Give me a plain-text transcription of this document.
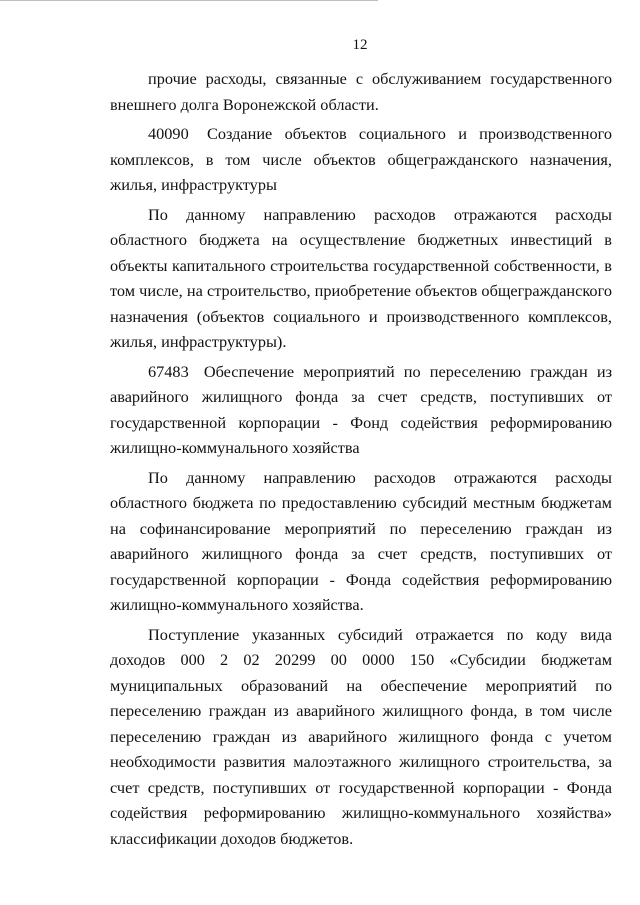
12

прочие расходы, связанные с обслуживанием государственного внешнего долга Воронежской области.

40090 Создание объектов социального и производственного комплексов, в том числе объектов общегражданского назначения, жилья, инфраструктуры

По данному направлению расходов отражаются расходы областного бюджета на осуществление бюджетных инвестиций в объекты капитального строительства государственной собственности, в том числе, на строительство, приобретение объектов общегражданского назначения (объектов социального и производственного комплексов, жилья, инфраструктуры).

67483 Обеспечение мероприятий по переселению граждан из аварийного жилищного фонда за счет средств, поступивших от государственной корпорации - Фонд содействия реформированию жилищно-коммунального хозяйства

По данному направлению расходов отражаются расходы областного бюджета по предоставлению субсидий местным бюджетам на софинансирование мероприятий по переселению граждан из аварийного жилищного фонда за счет средств, поступивших от государственной корпорации - Фонда содействия реформированию жилищно-коммунального хозяйства.

Поступление указанных субсидий отражается по коду вида доходов 000 2 02 20299 00 0000 150 «Субсидии бюджетам муниципальных образований на обеспечение мероприятий по переселению граждан из аварийного жилищного фонда, в том числе переселению граждан из аварийного жилищного фонда с учетом необходимости развития малоэтажного жилищного строительства, за счет средств, поступивших от государственной корпорации - Фонда содействия реформированию жилищно-коммунального хозяйства» классификации доходов бюджетов.
